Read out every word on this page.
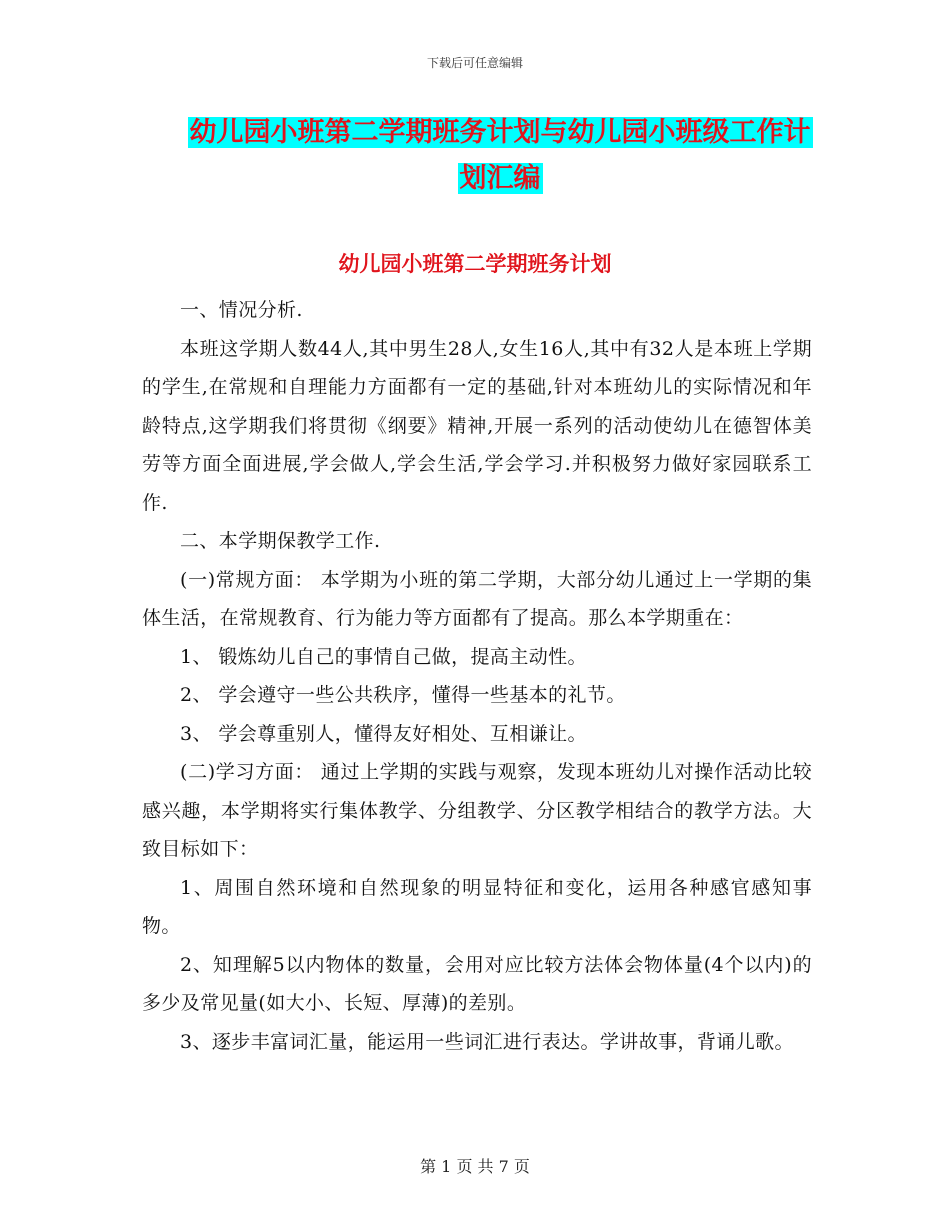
下载后可任意编辑
幼儿园小班第二学期班务计划与幼儿园小班级工作计
划汇编
幼儿园小班第二学期班务计划

一、情况分析.

本班这学期人数44人,其中男生28人,女生16人,其中有32人是本班上学期的学生,在常规和自理能力方面都有一定的基础,针对本班幼儿的实际情况和年龄特点,这学期我们将贯彻《纲要》精神,开展一系列的活动使幼儿在德智体美劳等方面全面进展,学会做人,学会生活,学会学习.并积极努力做好家园联系工作.

二、本学期保教学工作.

(一)常规方面： 本学期为小班的第二学期，大部分幼儿通过上一学期的集体生活，在常规教育、行为能力等方面都有了提高。那么本学期重在：

1、 锻炼幼儿自己的事情自己做，提高主动性。

2、 学会遵守一些公共秩序，懂得一些基本的礼节。

3、 学会尊重别人，懂得友好相处、互相谦让。

(二)学习方面： 通过上学期的实践与观察，发现本班幼儿对操作活动比较感兴趣，本学期将实行集体教学、分组教学、分区教学相结合的教学方法。大致目标如下：

1、周围自然环境和自然现象的明显特征和变化，运用各种感官感知事物。

2、知理解5以内物体的数量，会用对应比较方法体会物体量(4个以内)的多少及常见量(如大小、长短、厚薄)的差别。

3、逐步丰富词汇量，能运用一些词汇进行表达。学讲故事，背诵儿歌。

第 1 页 共 7 页
